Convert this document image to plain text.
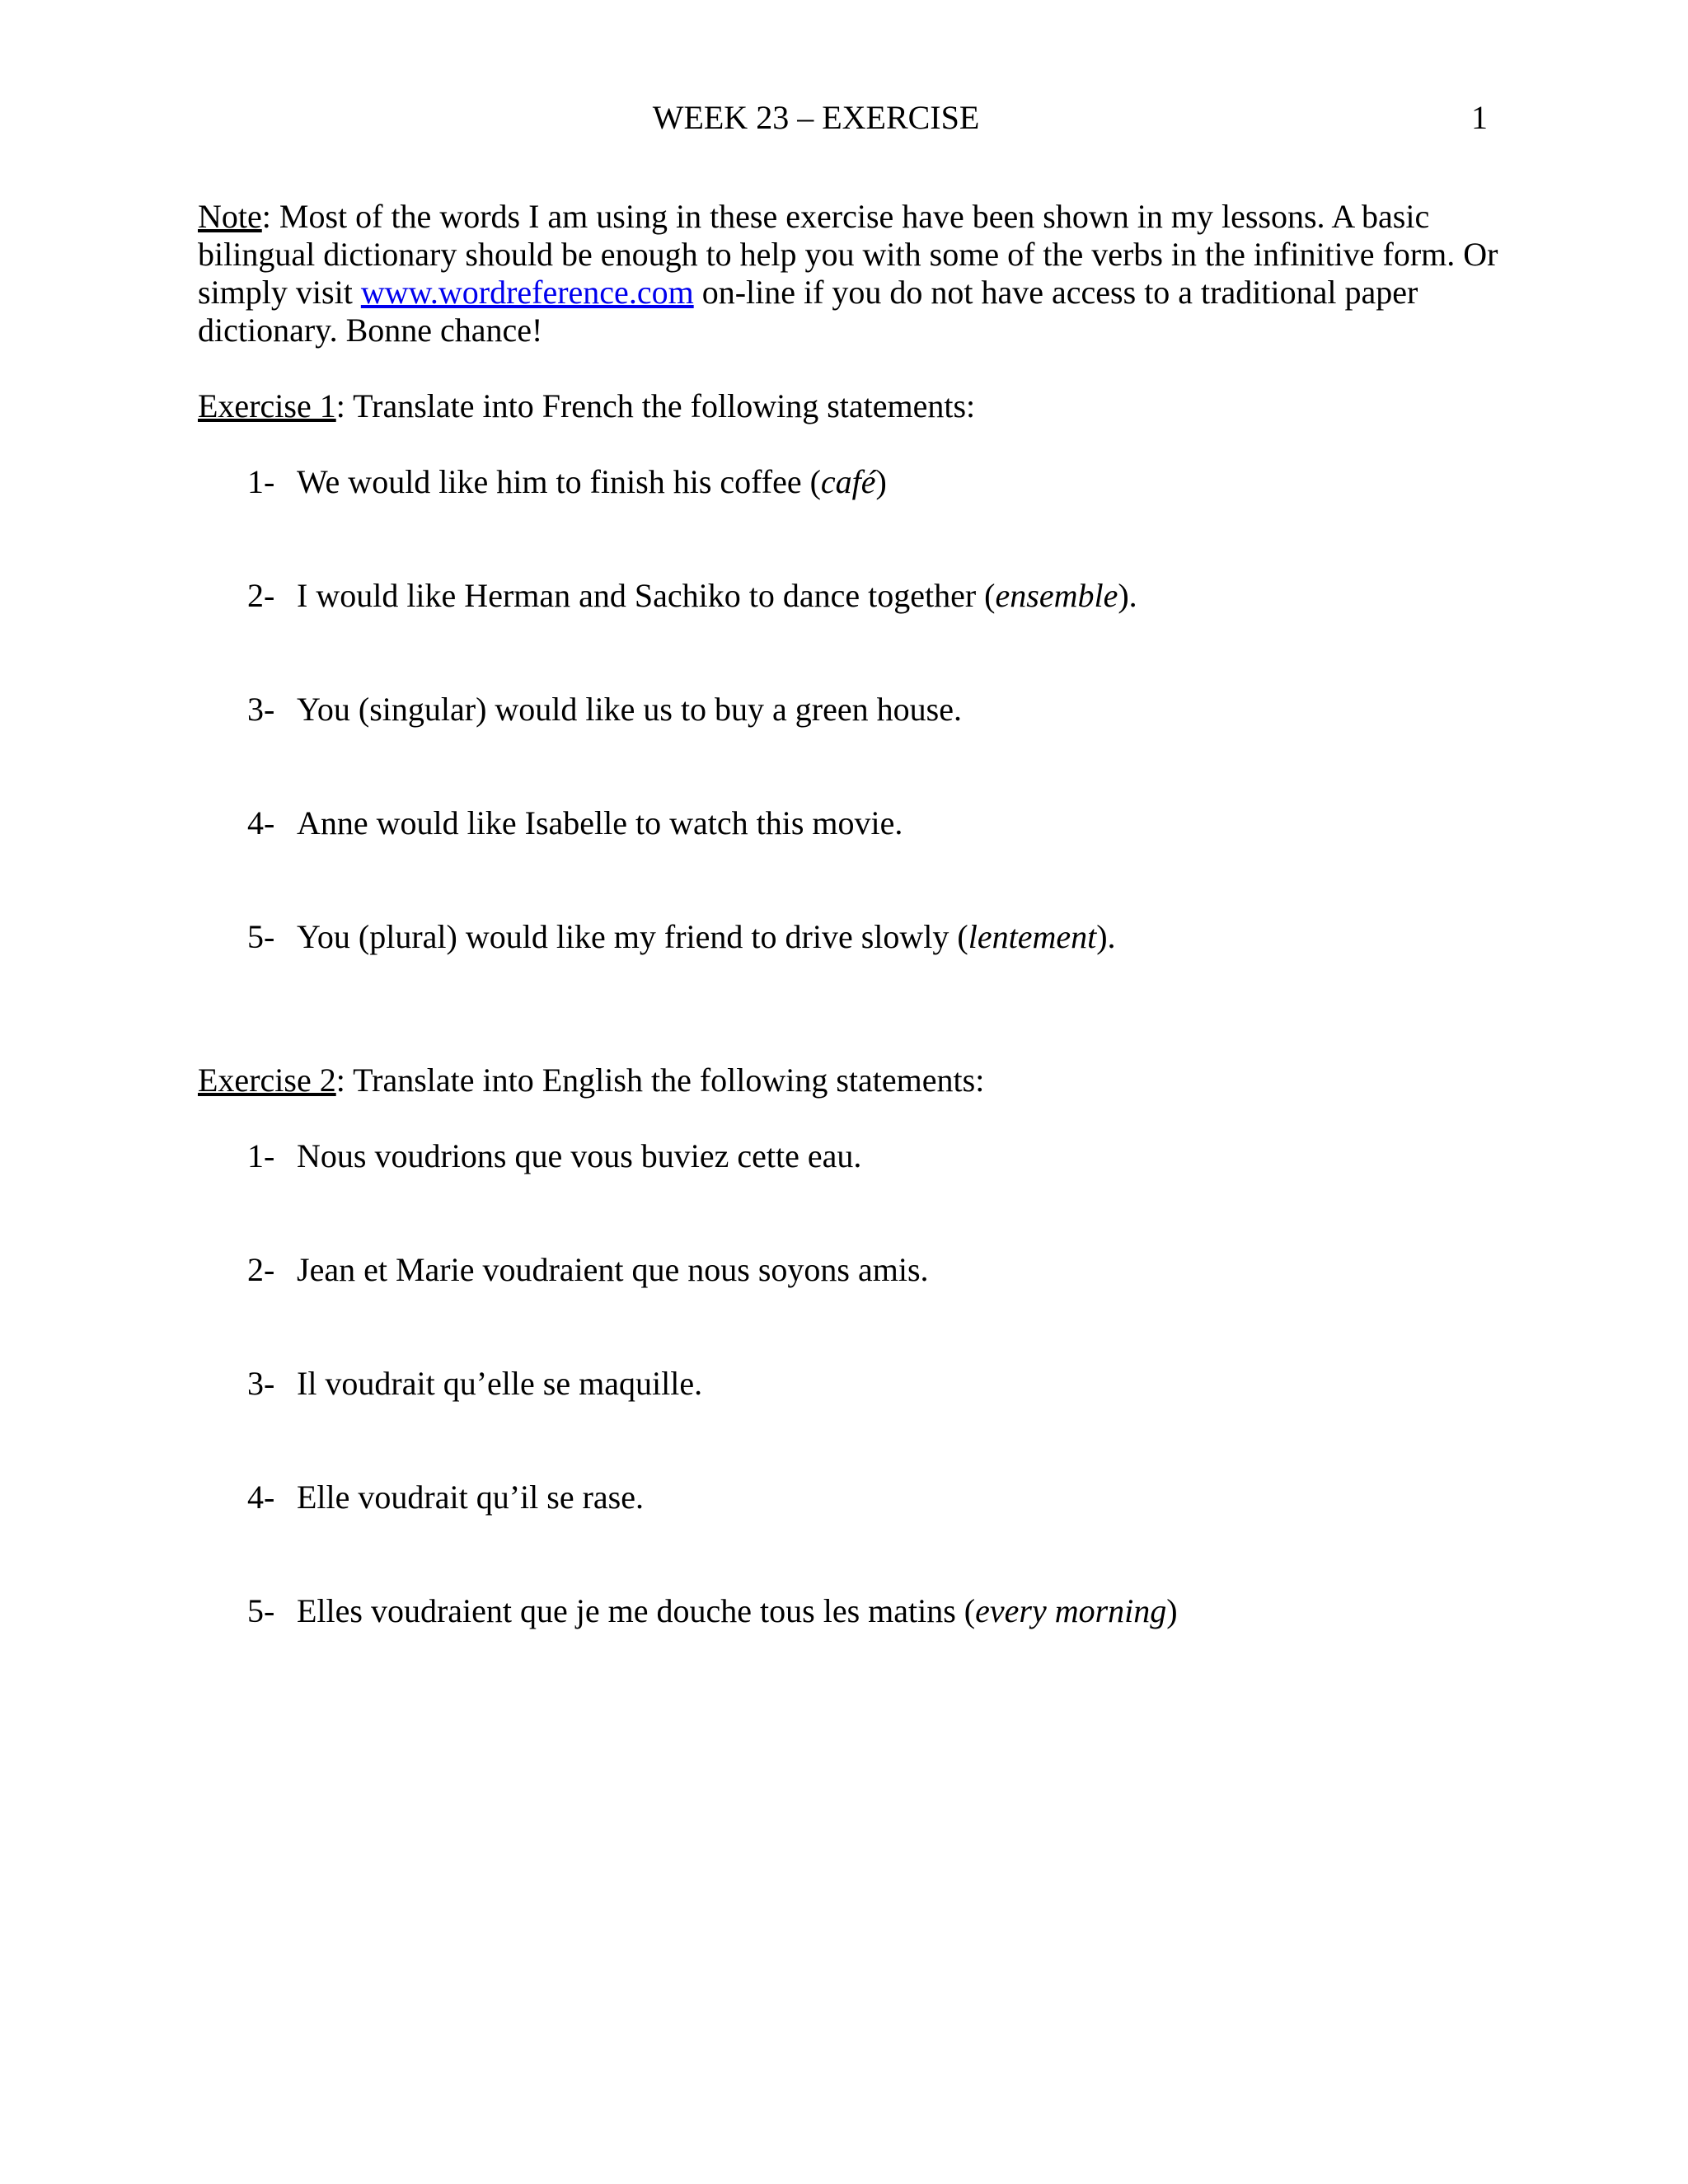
WEEK 23 – EXERCISE	1

Note: Most of the words I am using in these exercise have been shown in my lessons. A basic bilingual dictionary should be enough to help you with some of the verbs in the infinitive form. Or simply visit www.wordreference.com on-line if you do not have access to a traditional paper dictionary. Bonne chance!

Exercise 1: Translate into French the following statements:
1- We would like him to finish his coffee (café)
2- I would like Herman and Sachiko to dance together (ensemble).
3- You (singular) would like us to buy a green house.
4- Anne would like Isabelle to watch this movie.
5- You (plural) would like my friend to drive slowly (lentement).
Exercise 2: Translate into English the following statements:
1- Nous voudrions que vous buviez cette eau.
2- Jean et Marie voudraient que nous soyons amis.
3- Il voudrait qu’elle se maquille.
4- Elle voudrait qu’il se rase.
5- Elles voudraient que je me douche tous les matins (every morning)
